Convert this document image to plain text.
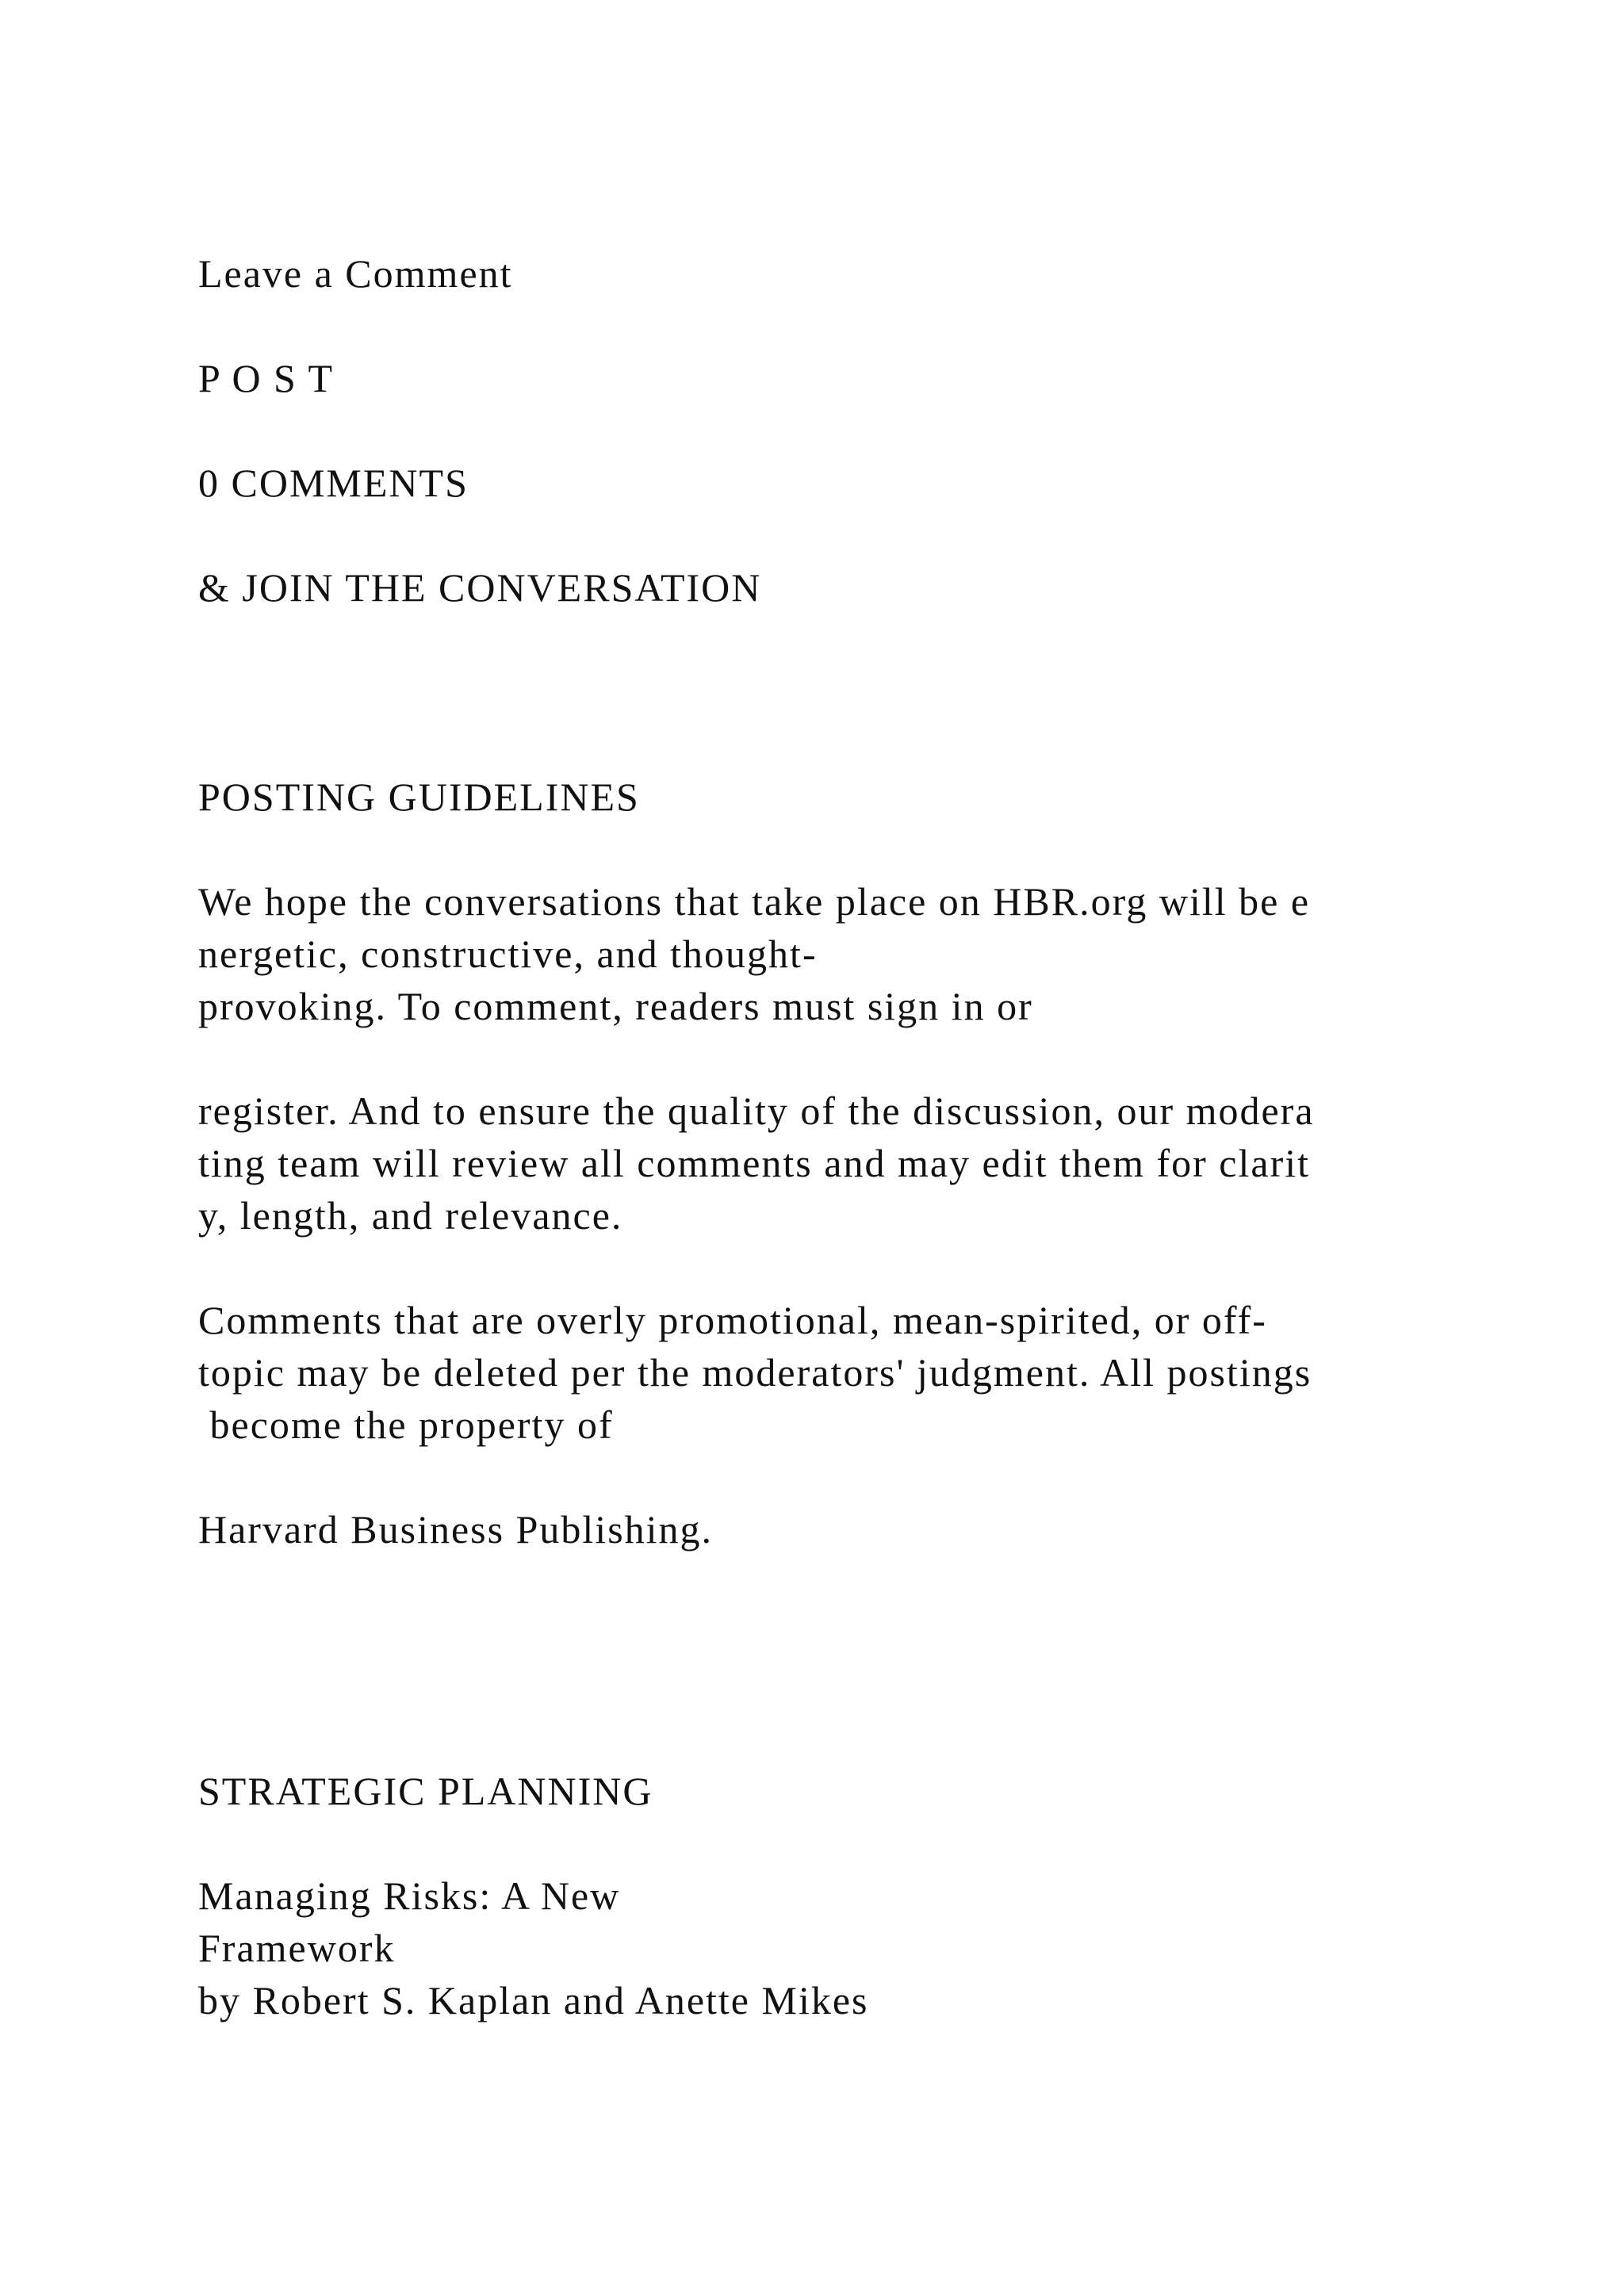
Leave a Comment
P O S T
0 COMMENTS
& JOIN THE CONVERSATION
POSTING GUIDELINES
We hope the conversations that take place on HBR.org will be e
nergetic, constructive, and thought-
provoking. To comment, readers must sign in or
register. And to ensure the quality of the discussion, our modera
ting team will review all comments and may edit them for clarit
y, length, and relevance.
Comments that are overly promotional, mean-spirited, or off-
topic may be deleted per the moderators' judgment. All postings
become the property of
Harvard Business Publishing.
STRATEGIC PLANNING
Managing Risks: A New
Framework
by Robert S. Kaplan and Anette Mikes
